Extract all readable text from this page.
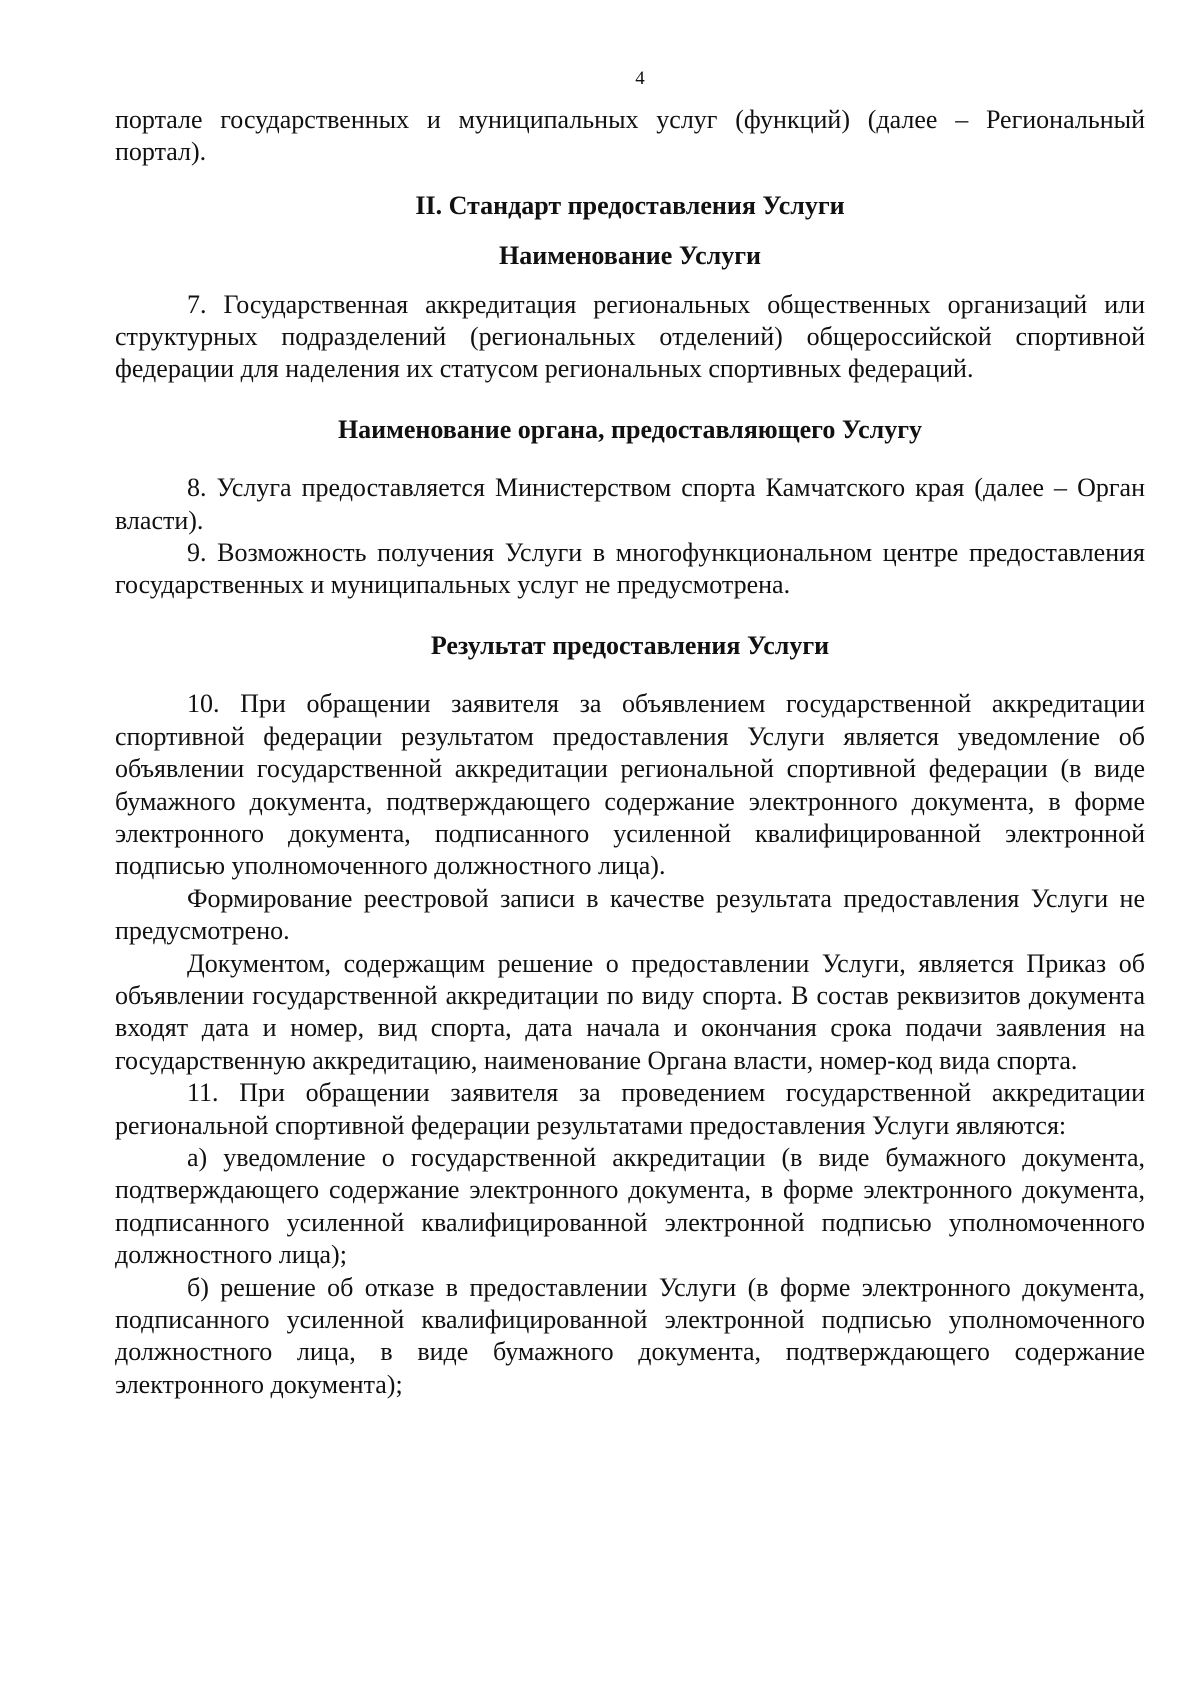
4

портале государственных и муниципальных услуг (функций) (далее – Региональный портал).

II. Стандарт предоставления Услуги
Наименование Услуги

7. Государственная аккредитация региональных общественных организаций или структурных подразделений (региональных отделений) общероссийской спортивной федерации для наделения их статусом региональных спортивных федераций.

Наименование органа, предоставляющего Услугу

8. Услуга предоставляется Министерством спорта Камчатского края (далее – Орган власти).

9. Возможность получения Услуги в многофункциональном центре предоставления государственных и муниципальных услуг не предусмотрена.

Результат предоставления Услуги

10. При обращении заявителя за объявлением государственной аккредитации спортивной федерации результатом предоставления Услуги является уведомление об объявлении государственной аккредитации региональной спортивной федерации (в виде бумажного документа, подтверждающего содержание электронного документа, в форме электронного документа, подписанного усиленной квалифицированной электронной подписью уполномоченного должностного лица).

Формирование реестровой записи в качестве результата предоставления Услуги не предусмотрено.

Документом, содержащим решение о предоставлении Услуги, является Приказ об объявлении государственной аккредитации по виду спорта. В состав реквизитов документа входят дата и номер, вид спорта, дата начала и окончания срока подачи заявления на государственную аккредитацию, наименование Органа власти, номер-код вида спорта.

11. При обращении заявителя за проведением государственной аккредитации региональной спортивной федерации результатами предоставления Услуги являются:

а) уведомление о государственной аккредитации (в виде бумажного документа, подтверждающего содержание электронного документа, в форме электронного документа, подписанного усиленной квалифицированной электронной подписью уполномоченного должностного лица);

б) решение об отказе в предоставлении Услуги (в форме электронного документа, подписанного усиленной квалифицированной электронной подписью уполномоченного должностного лица, в виде бумажного документа, подтверждающего содержание электронного документа);
